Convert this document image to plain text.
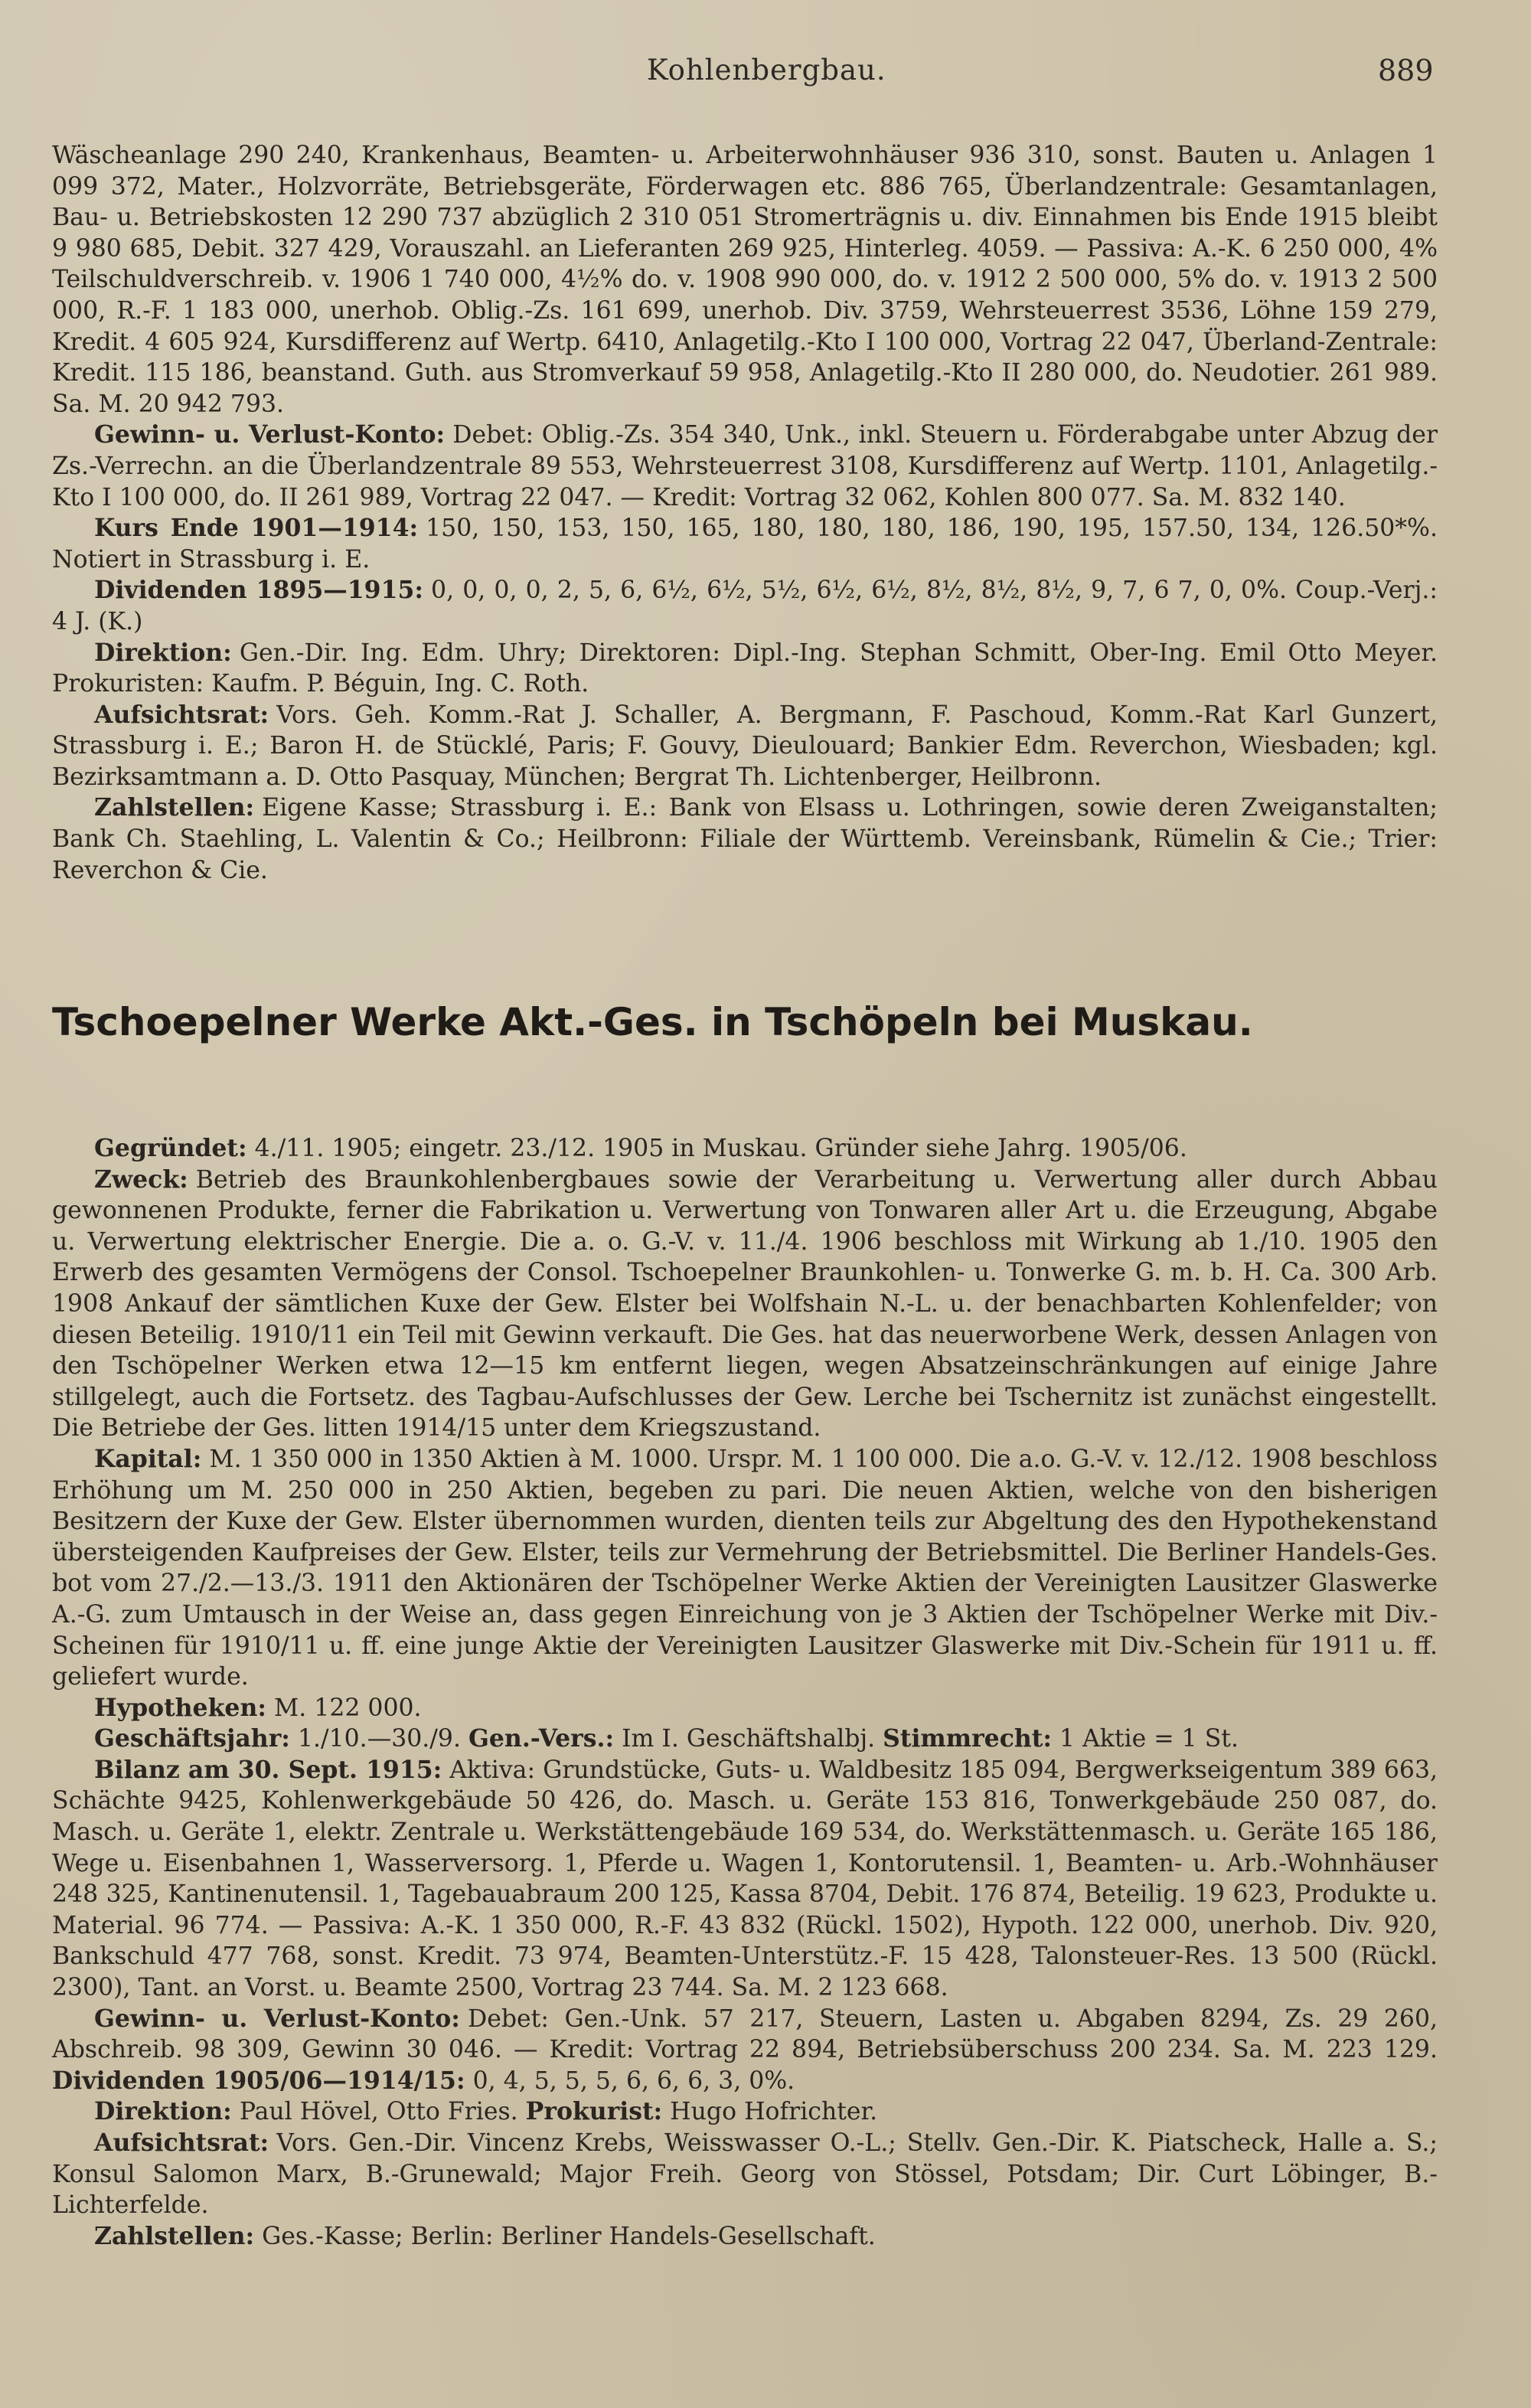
Kohlenbergbau.	889

Wäscheanlage 290 240, Krankenhaus, Beamten- u. Arbeiterwohnhäuser 936 310, sonst. Bauten u. Anlagen 1 099 372, Mater., Holzvorräte, Betriebsgeräte, Förderwagen etc. 886 765, Überlandzentrale: Gesamtanlagen, Bau- u. Betriebskosten 12 290 737 abzüglich 2 310 051 Stromerträgnis u. div. Einnahmen bis Ende 1915 bleibt 9 980 685, Debit. 327 429, Vorauszahl. an Lieferanten 269 925, Hinterleg. 4059. — Passiva: A.-K. 6 250 000, 4% Teilschuldverschreib. v. 1906 1 740 000, 4½% do. v. 1908 990 000, do. v. 1912 2 500 000, 5% do. v. 1913 2 500 000, R.-F. 1 183 000, unerhob. Oblig.-Zs. 161 699, unerhob. Div. 3759, Wehrsteuerrest 3536, Löhne 159 279, Kredit. 4 605 924, Kursdifferenz auf Wertp. 6410, Anlagetilg.-Kto I 100 000, Vortrag 22 047, Überland-Zentrale: Kredit. 115 186, beanstand. Guth. aus Stromverkauf 59 958, Anlagetilg.-Kto II 280 000, do. Neudotier. 261 989. Sa. M. 20 942 793.

Gewinn- u. Verlust-Konto: Debet: Oblig.-Zs. 354 340, Unk., inkl. Steuern u. Förderabgabe unter Abzug der Zs.-Verrechn. an die Überlandzentrale 89 553, Wehrsteuerrest 3108, Kursdifferenz auf Wertp. 1101, Anlagetilg.-Kto I 100 000, do. II 261 989, Vortrag 22 047. — Kredit: Vortrag 32 062, Kohlen 800 077. Sa. M. 832 140.

Kurs Ende 1901—1914: 150, 150, 153, 150, 165, 180, 180, 180, 186, 190, 195, 157.50, 134, 126.50*%. Notiert in Strassburg i. E.

Dividenden 1895—1915: 0, 0, 0, 0, 2, 5, 6, 6½, 6½, 5½, 6½, 6½, 8½, 8½, 8½, 9, 7, 6 7, 0, 0%. Coup.-Verj.: 4 J. (K.)

Direktion: Gen.-Dir. Ing. Edm. Uhry; Direktoren: Dipl.-Ing. Stephan Schmitt, Ober-Ing. Emil Otto Meyer. Prokuristen: Kaufm. P. Béguin, Ing. C. Roth.

Aufsichtsrat: Vors. Geh. Komm.-Rat J. Schaller, A. Bergmann, F. Paschoud, Komm.-Rat Karl Gunzert, Strassburg i. E.; Baron H. de Stücklé, Paris; F. Gouvy, Dieulouard; Bankier Edm. Reverchon, Wiesbaden; kgl. Bezirksamtmann a. D. Otto Pasquay, München; Bergrat Th. Lichtenberger, Heilbronn.

Zahlstellen: Eigene Kasse; Strassburg i. E.: Bank von Elsass u. Lothringen, sowie deren Zweiganstalten; Bank Ch. Staehling, L. Valentin & Co.; Heilbronn: Filiale der Württemb. Vereinsbank, Rümelin & Cie.; Trier: Reverchon & Cie.

Tschoepelner Werke Akt.-Ges. in Tschöpeln bei Muskau.

Gegründet: 4./11. 1905; eingetr. 23./12. 1905 in Muskau. Gründer siehe Jahrg. 1905/06.

Zweck: Betrieb des Braunkohlenbergbaues sowie der Verarbeitung u. Verwertung aller durch Abbau gewonnenen Produkte, ferner die Fabrikation u. Verwertung von Tonwaren aller Art u. die Erzeugung, Abgabe u. Verwertung elektrischer Energie. Die a. o. G.-V. v. 11./4. 1906 beschloss mit Wirkung ab 1./10. 1905 den Erwerb des gesamten Vermögens der Consol. Tschoepelner Braunkohlen- u. Tonwerke G. m. b. H. Ca. 300 Arb. 1908 Ankauf der sämtlichen Kuxe der Gew. Elster bei Wolfshain N.-L. u. der benachbarten Kohlenfelder; von diesen Beteilig. 1910/11 ein Teil mit Gewinn verkauft. Die Ges. hat das neuerworbene Werk, dessen Anlagen von den Tschöpelner Werken etwa 12—15 km entfernt liegen, wegen Absatzeinschränkungen auf einige Jahre stillgelegt, auch die Fortsetz. des Tagbau-Aufschlusses der Gew. Lerche bei Tschernitz ist zunächst eingestellt. Die Betriebe der Ges. litten 1914/15 unter dem Kriegszustand.

Kapital: M. 1 350 000 in 1350 Aktien à M. 1000. Urspr. M. 1 100 000. Die a.o. G.-V. v. 12./12. 1908 beschloss Erhöhung um M. 250 000 in 250 Aktien, begeben zu pari. Die neuen Aktien, welche von den bisherigen Besitzern der Kuxe der Gew. Elster übernommen wurden, dienten teils zur Abgeltung des den Hypothekenstand übersteigenden Kaufpreises der Gew. Elster, teils zur Vermehrung der Betriebsmittel. Die Berliner Handels-Ges. bot vom 27./2.—13./3. 1911 den Aktionären der Tschöpelner Werke Aktien der Vereinigten Lausitzer Glaswerke A.-G. zum Umtausch in der Weise an, dass gegen Einreichung von je 3 Aktien der Tschöpelner Werke mit Div.-Scheinen für 1910/11 u. ff. eine junge Aktie der Vereinigten Lausitzer Glaswerke mit Div.-Schein für 1911 u. ff. geliefert wurde.

Hypotheken: M. 122 000.

Geschäftsjahr: 1./10.—30./9. Gen.-Vers.: Im I. Geschäftshalbj. Stimmrecht: 1 Aktie = 1 St.

Bilanz am 30. Sept. 1915: Aktiva: Grundstücke, Guts- u. Waldbesitz 185 094, Bergwerkseigentum 389 663, Schächte 9425, Kohlenwerkgebäude 50 426, do. Masch. u. Geräte 153 816, Tonwerkgebäude 250 087, do. Masch. u. Geräte 1, elektr. Zentrale u. Werkstättengebäude 169 534, do. Werkstättenmasch. u. Geräte 165 186, Wege u. Eisenbahnen 1, Wasserversorg. 1, Pferde u. Wagen 1, Kontorutensil. 1, Beamten- u. Arb.-Wohnhäuser 248 325, Kantinenutensil. 1, Tagebauabraum 200 125, Kassa 8704, Debit. 176 874, Beteilig. 19 623, Produkte u. Material. 96 774. — Passiva: A.-K. 1 350 000, R.-F. 43 832 (Rückl. 1502), Hypoth. 122 000, unerhob. Div. 920, Bankschuld 477 768, sonst. Kredit. 73 974, Beamten-Unterstütz.-F. 15 428, Talonsteuer-Res. 13 500 (Rückl. 2300), Tant. an Vorst. u. Beamte 2500, Vortrag 23 744. Sa. M. 2 123 668.

Gewinn- u. Verlust-Konto: Debet: Gen.-Unk. 57 217, Steuern, Lasten u. Abgaben 8294, Zs. 29 260, Abschreib. 98 309, Gewinn 30 046. — Kredit: Vortrag 22 894, Betriebsüberschuss 200 234. Sa. M. 223 129. Dividenden 1905/06—1914/15: 0, 4, 5, 5, 5, 6, 6, 6, 3, 0%.

Direktion: Paul Hövel, Otto Fries. Prokurist: Hugo Hofrichter.

Aufsichtsrat: Vors. Gen.-Dir. Vincenz Krebs, Weisswasser O.-L.; Stellv. Gen.-Dir. K. Piatscheck, Halle a. S.; Konsul Salomon Marx, B.-Grunewald; Major Freih. Georg von Stössel, Potsdam; Dir. Curt Löbinger, B.-Lichterfelde.

Zahlstellen: Ges.-Kasse; Berlin: Berliner Handels-Gesellschaft.
